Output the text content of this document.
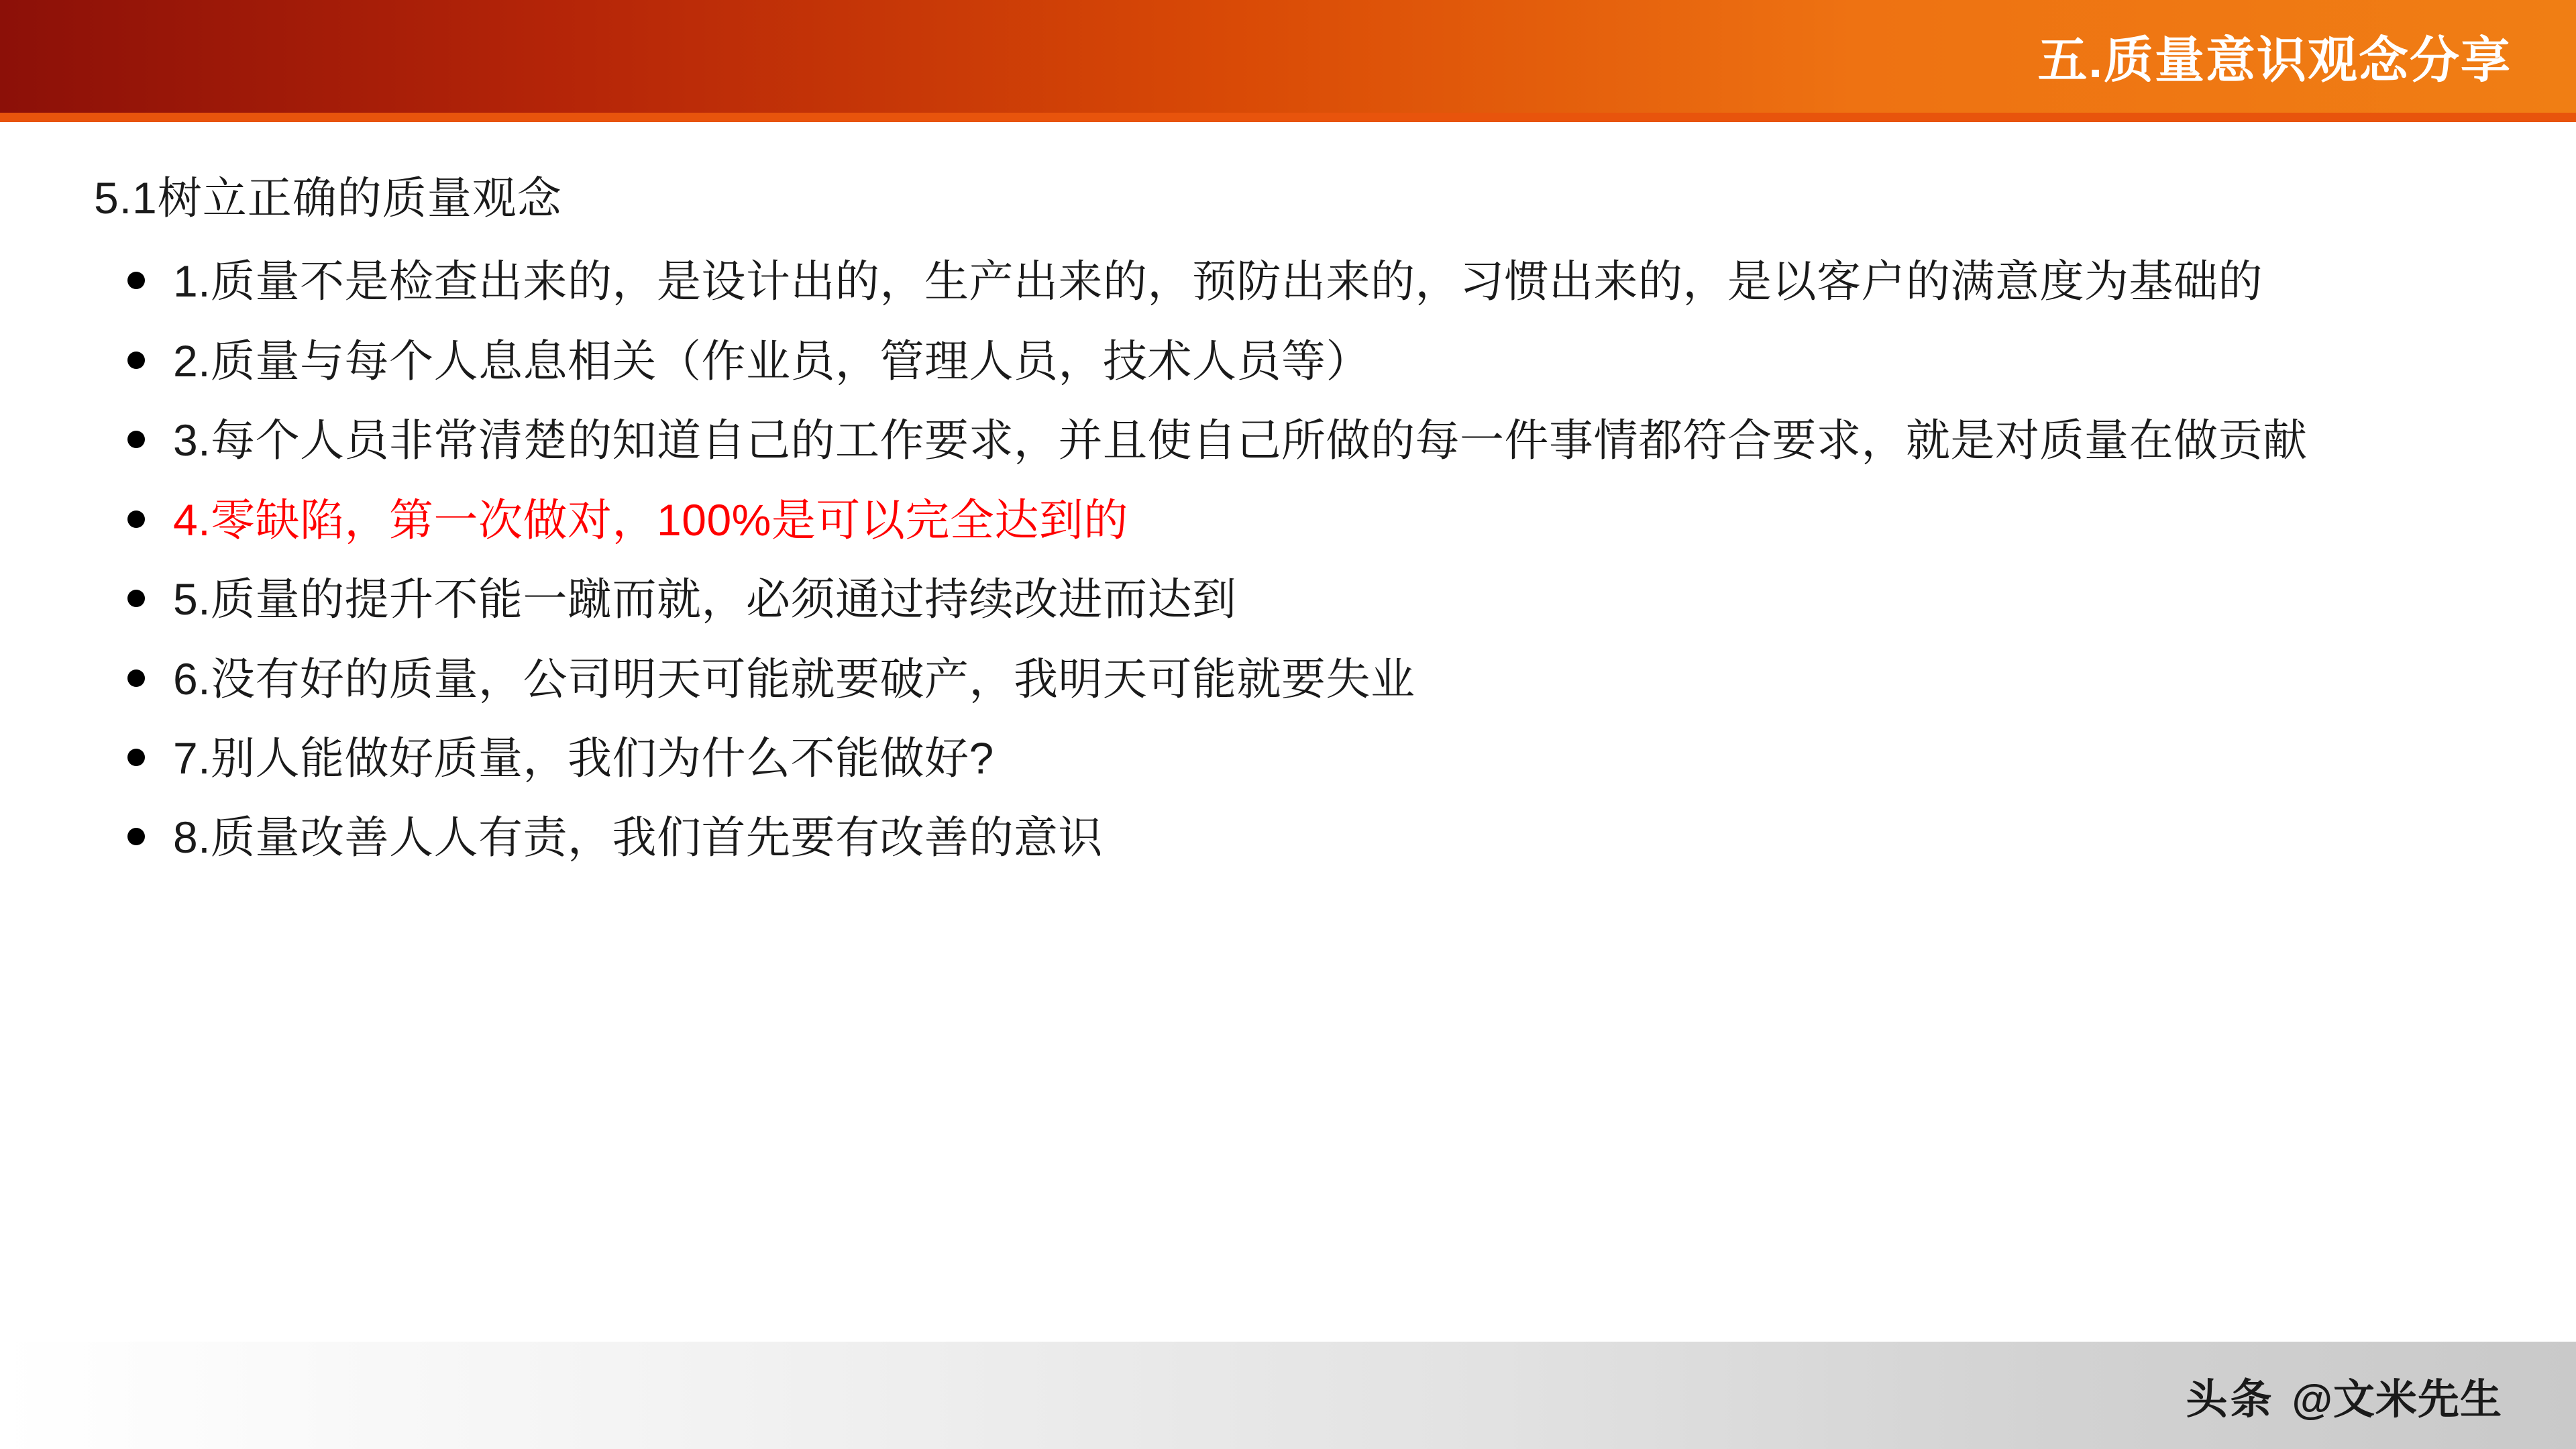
五.质量意识观念分享
5.1树立正确的质量观念
1.质量不是检查出来的，是设计出的，生产出来的，预防出来的，习惯出来的，是以客户的满意度为基础的
2.质量与每个人息息相关（作业员，管理人员，技术人员等）
3.每个人员非常清楚的知道自己的工作要求，并且使自己所做的每一件事情都符合要求，就是对质量在做贡献
4.零缺陷，第一次做对，100%是可以完全达到的
5.质量的提升不能一蹴而就，必须通过持续改进而达到
6.没有好的质量，公司明天可能就要破产，我明天可能就要失业
7.别人能做好质量，我们为什么不能做好?
8.质量改善人人有责，我们首先要有改善的意识
头条 @文米先生
